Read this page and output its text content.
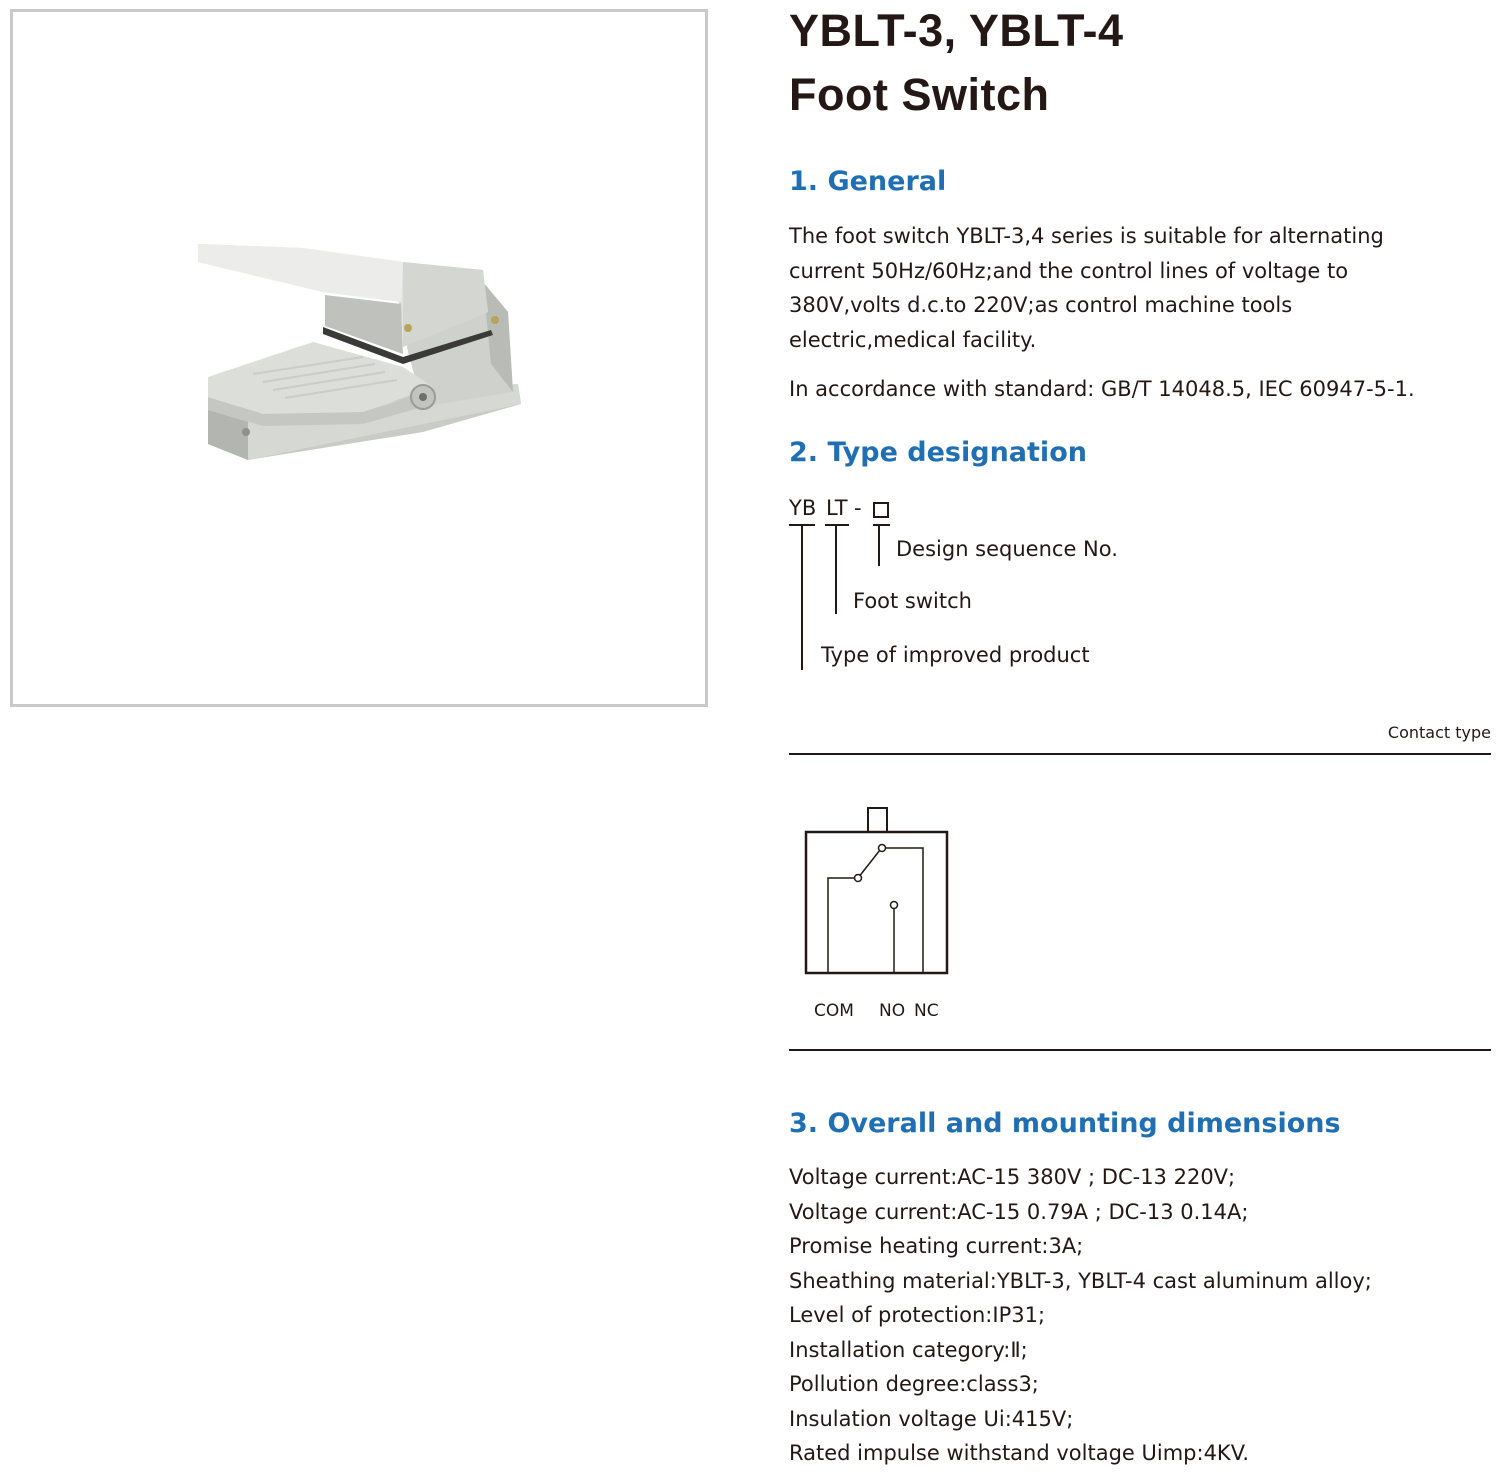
YBLT-3, YBLT-4
Foot Switch
1. General
The foot switch YBLT-3,4 series is suitable for alternating
current 50Hz/60Hz;and the control lines of voltage to
380V,volts d.c.to 220V;as control machine tools
electric,medical facility.
In accordance with standard: GB/T 14048.5, IEC 60947-5-1.
2. Type designation
YB LT -
Design sequence No.
Foot switch
Type of improved product
Contact type
COM NO NC
3. Overall and mounting dimensions
Voltage current:AC-15 380V ; DC-13 220V;
Voltage current:AC-15 0.79A ; DC-13 0.14A;
Promise heating current:3A;
Sheathing material:YBLT-3, YBLT-4 cast aluminum alloy;
Level of protection:IP31;
Installation category:Ⅱ;
Pollution degree:class3;
Insulation voltage Ui:415V;
Rated impulse withstand voltage Uimp:4KV.
